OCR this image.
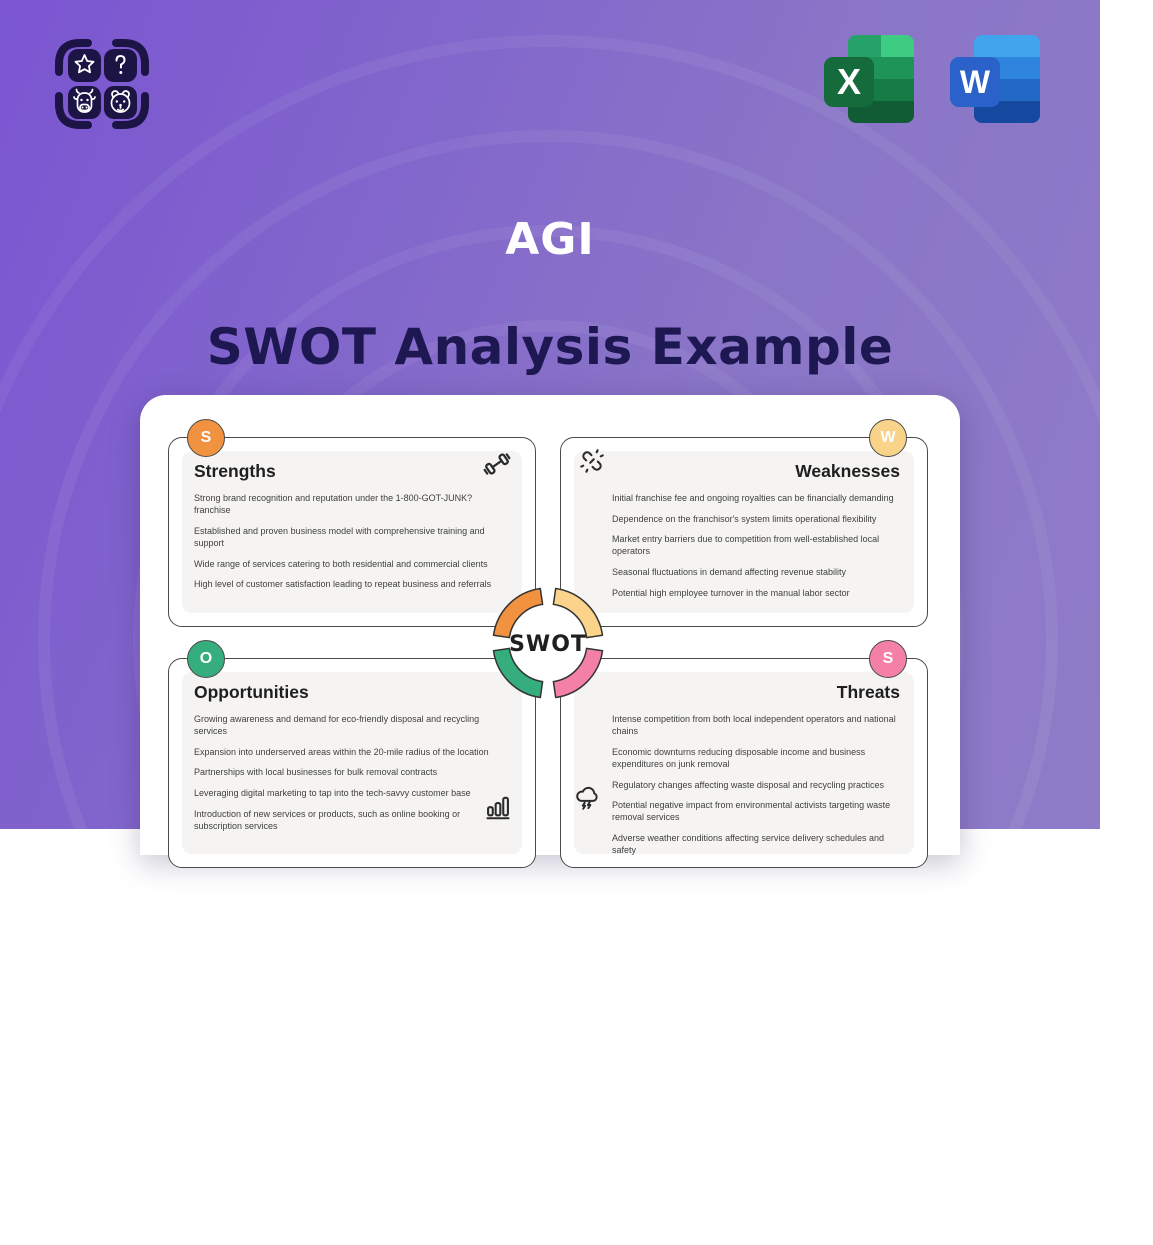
X	W
AGI
SWOT Analysis Example
S
Strengths

Strong brand recognition and reputation under the 1-800-GOT-JUNK? franchise

Established and proven business model with comprehensive training and support

Wide range of services catering to both residential and commercial clients

High level of customer satisfaction leading to repeat business and referrals

W
Weaknesses

Initial franchise fee and ongoing royalties can be financially demanding

Dependence on the franchisor's system limits operational flexibility

Market entry barriers due to competition from well-established local operators

Seasonal fluctuations in demand affecting revenue stability

Potential high employee turnover in the manual labor sector

O
Opportunities

Growing awareness and demand for eco-friendly disposal and recycling services

Expansion into underserved areas within the 20-mile radius of the location

Partnerships with local businesses for bulk removal contracts

Leveraging digital marketing to tap into the tech-savvy customer base

Introduction of new services or products, such as online booking or subscription services

S
Threats

Intense competition from both local independent operators and national chains

Economic downturns reducing disposable income and business expenditures on junk removal

Regulatory changes affecting waste disposal and recycling practices

Potential negative impact from environmental activists targeting waste removal services

Adverse weather conditions affecting service delivery schedules and safety

SWOT
